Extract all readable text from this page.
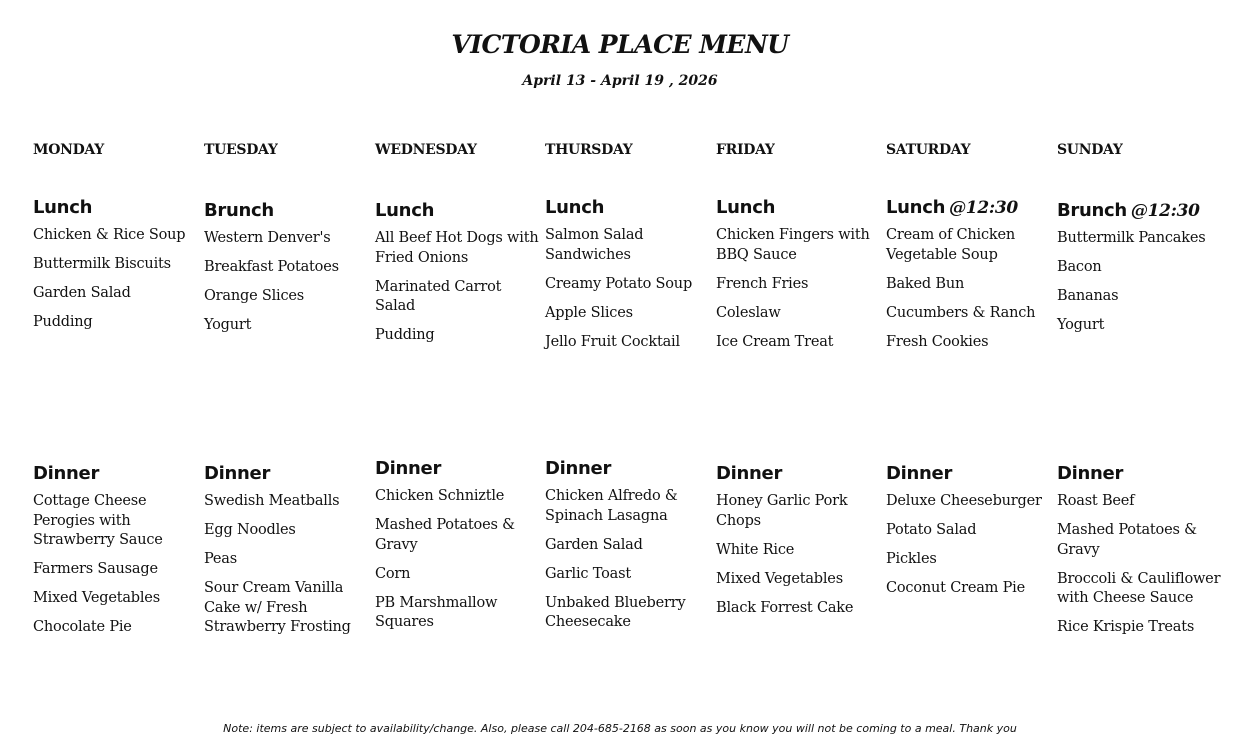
VICTORIA PLACE MENU
April 13 - April 19 , 2026
MONDAY
Lunch
Chicken & Rice Soup
Buttermilk Biscuits
Garden Salad
Pudding
Dinner
Cottage Cheese Perogies with Strawberry Sauce
Farmers Sausage
Mixed Vegetables
Chocolate Pie
TUESDAY
Brunch
Western Denver's
Breakfast Potatoes
Orange Slices
Yogurt
Dinner
Swedish Meatballs
Egg Noodles
Peas
Sour Cream Vanilla Cake w/ Fresh Strawberry Frosting
WEDNESDAY
Lunch
All Beef Hot Dogs with Fried Onions
Marinated Carrot Salad
Pudding
Dinner
Chicken Schniztle
Mashed Potatoes & Gravy
Corn
PB Marshmallow Squares
THURSDAY
Lunch
Salmon Salad Sandwiches
Creamy Potato Soup
Apple Slices
Jello Fruit Cocktail
Dinner
Chicken Alfredo & Spinach Lasagna
Garden Salad
Garlic Toast
Unbaked Blueberry Cheesecake
FRIDAY
Lunch
Chicken Fingers with BBQ Sauce
French Fries
Coleslaw
Ice Cream Treat
Dinner
Honey Garlic Pork Chops
White Rice
Mixed Vegetables
Black Forrest Cake
SATURDAY
Lunch @12:30
Cream of Chicken Vegetable Soup
Baked Bun
Cucumbers & Ranch
Fresh Cookies
Dinner
Deluxe Cheeseburger
Potato Salad
Pickles
Coconut Cream Pie
SUNDAY
Brunch @12:30
Buttermilk Pancakes
Bacon
Bananas
Yogurt
Dinner
Roast Beef
Mashed Potatoes & Gravy
Broccoli & Cauliflower with Cheese Sauce
Rice Krispie Treats
Note: items are subject to availability/change. Also, please call 204-685-2168 as soon as you know you will not be coming to a meal. Thank you
